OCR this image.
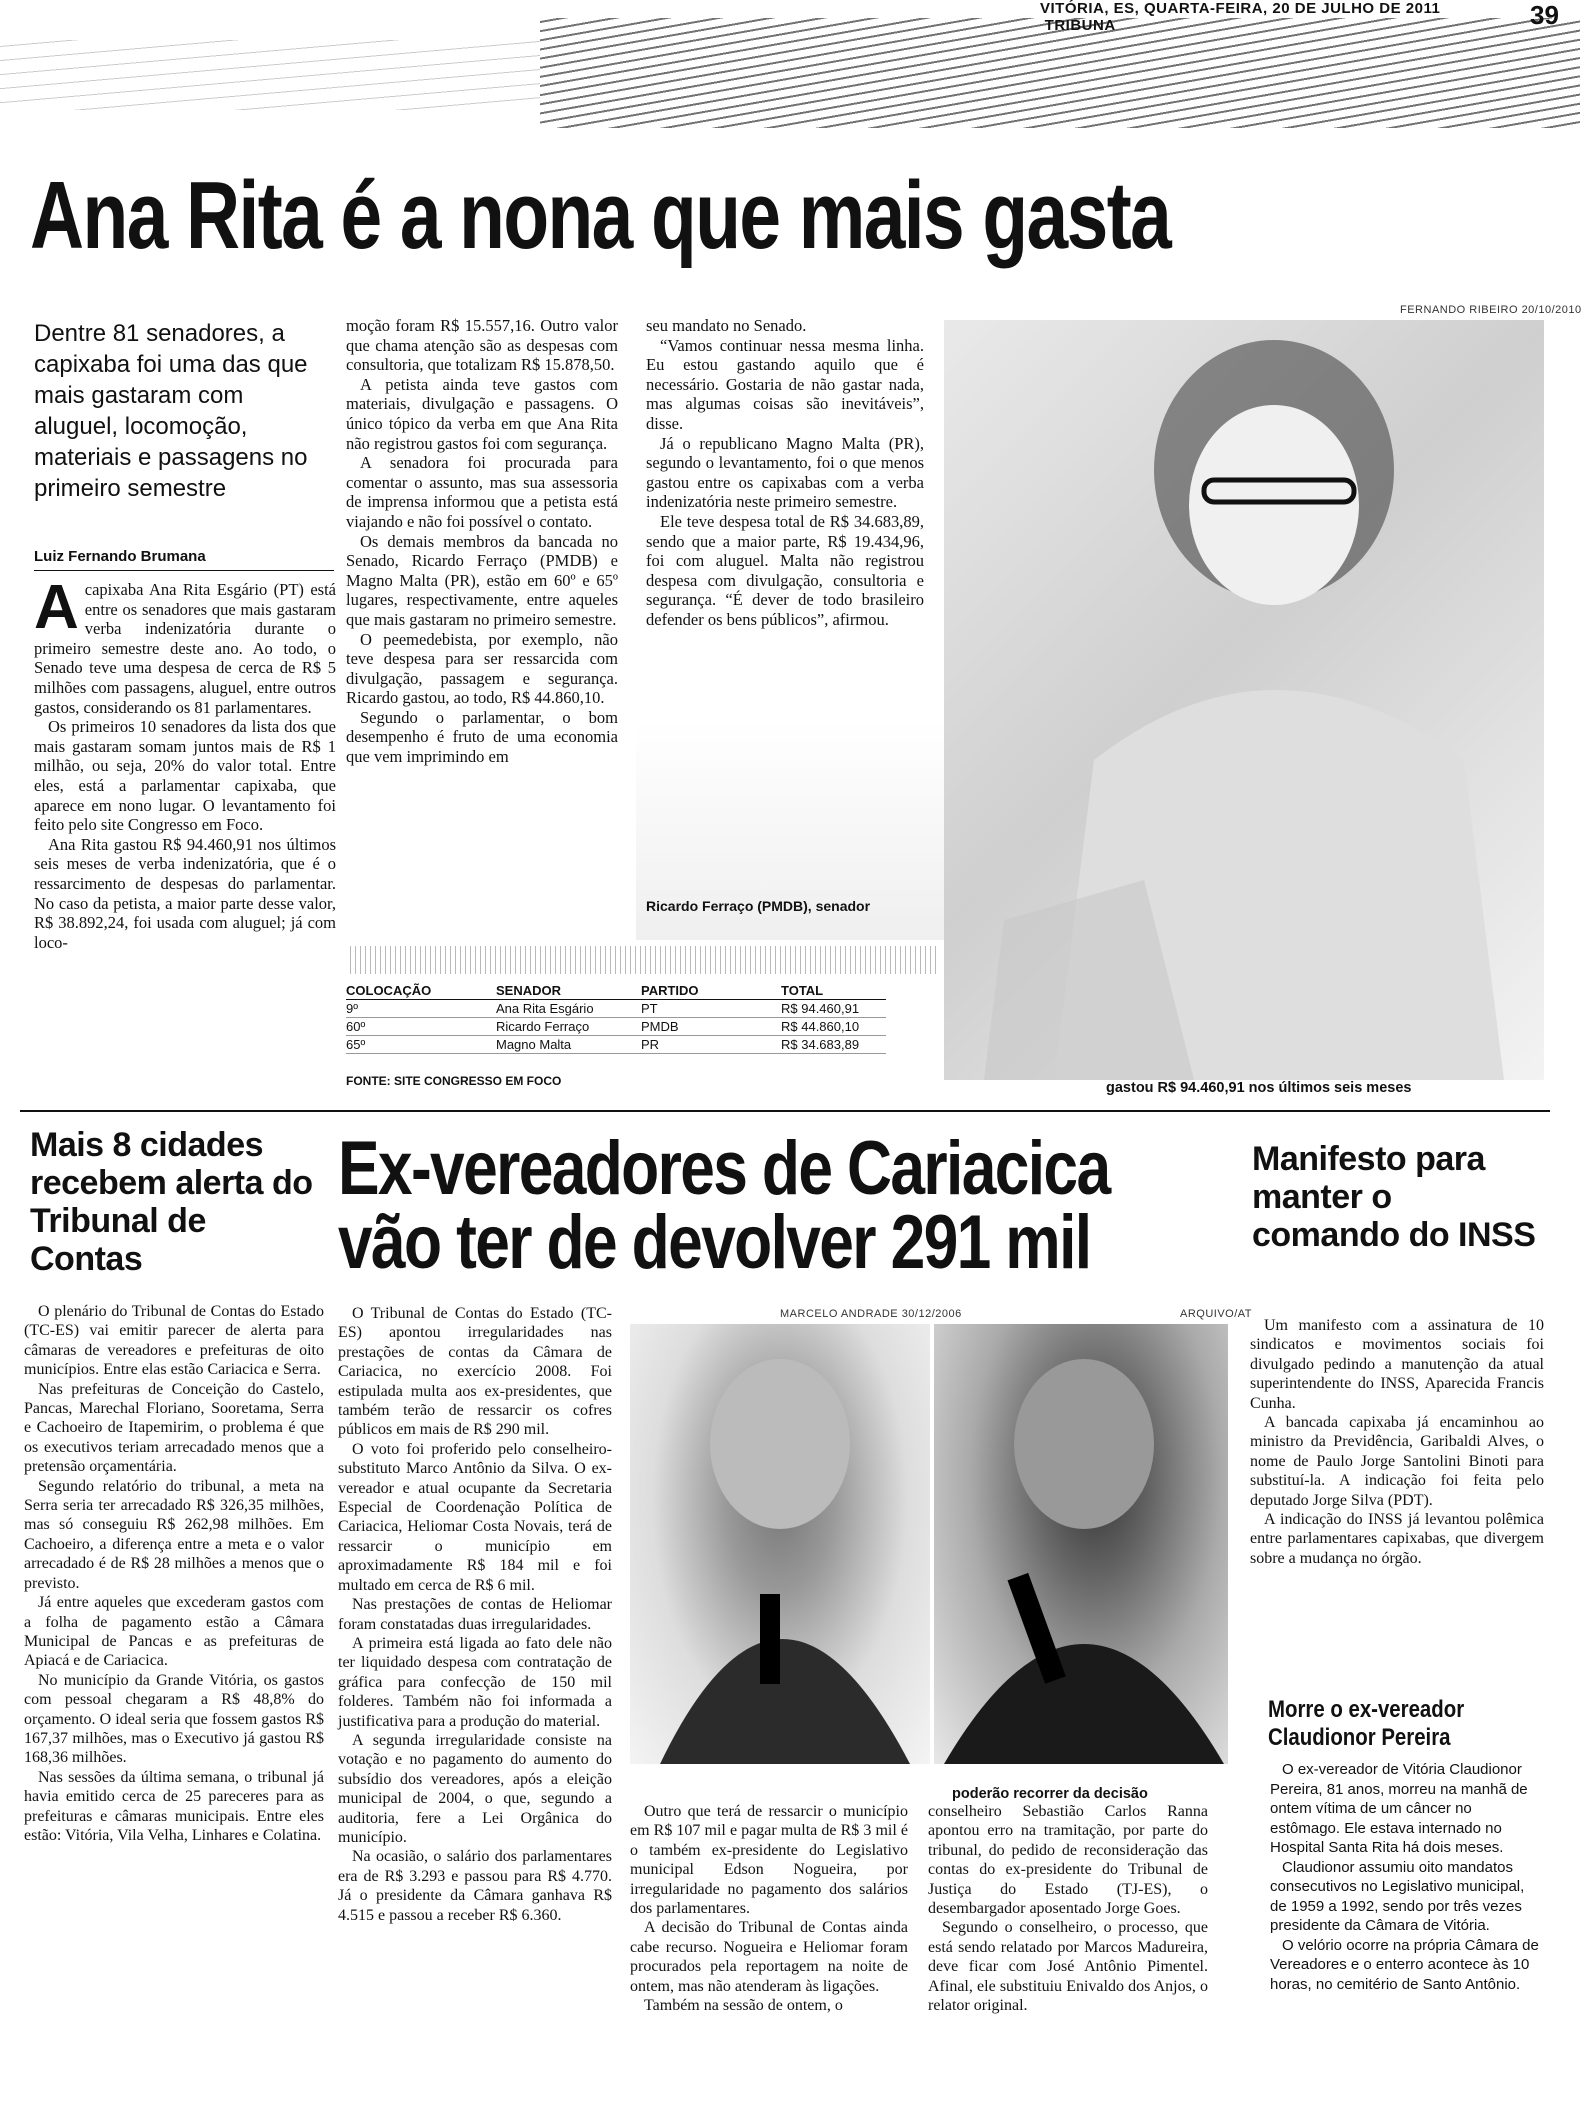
VITÓRIA, ES, QUARTA-FEIRA, 20 DE JULHO DE 2011  TRIBUNA	39
Ana Rita é a nona que mais gasta
FERNANDO RIBEIRO 20/10/2010
Dentre 81 senadores, a capixaba foi uma das que mais gastaram com aluguel, locomoção, materiais e passagens no primeiro semestre
Luiz Fernando Brumana
A capixaba Ana Rita Esgário (PT) está entre os senadores que mais gastaram verba indenizatória durante o primeiro semestre deste ano. Ao todo, o Senado teve uma despesa de cerca de R$ 5 milhões com passagens, aluguel, entre outros gastos, considerando os 81 parlamentares.

Os primeiros 10 senadores da lista dos que mais gastaram somam juntos mais de R$ 1 milhão, ou seja, 20% do valor total. Entre eles, está a parlamentar capixaba, que aparece em nono lugar. O levantamento foi feito pelo site Congresso em Foco.

Ana Rita gastou R$ 94.460,91 nos últimos seis meses de verba indenizatória, que é o ressarcimento de despesas do parlamentar. No caso da petista, a maior parte desse valor, R$ 38.892,24, foi usada com aluguel; já com loco-

moção foram R$ 15.557,16. Outro valor que chama atenção são as despesas com consultoria, que totalizam R$ 15.878,50.

A petista ainda teve gastos com materiais, divulgação e passagens. O único tópico da verba em que Ana Rita não registrou gastos foi com segurança.

A senadora foi procurada para comentar o assunto, mas sua assessoria de imprensa informou que a petista está viajando e não foi possível o contato.

Os demais membros da bancada no Senado, Ricardo Ferraço (PMDB) e Magno Malta (PR), estão em 60º e 65º lugares, respectivamente, entre aqueles que mais gastaram no primeiro semestre.

O peemedebista, por exemplo, não teve despesa para ser ressarcida com divulgação, passagem e segurança. Ricardo gastou, ao todo, R$ 44.860,10.

Segundo o parlamentar, o bom desempenho é fruto de uma economia que vem imprimindo em

seu mandato no Senado.

“Vamos continuar nessa mesma linha. Eu estou gastando aquilo que é necessário. Gostaria de não gastar nada, mas algumas coisas são inevitáveis”, disse.

Já o republicano Magno Malta (PR), segundo o levantamento, foi o que menos gastou entre os capixabas com a verba indenizatória neste primeiro semestre.

Ele teve despesa total de R$ 34.683,89, sendo que a maior parte, R$ 19.434,96, foi com aluguel. Malta não registrou despesa com divulgação, consultoria e segurança. “É dever de todo brasileiro defender os bens públicos”, afirmou.

Ricardo Ferraço (PMDB), senador
gastou R$ 94.460,91 nos últimos seis meses
COLOCAÇÃO	SENADOR	PARTIDO	TOTAL
9º	Ana Rita Esgário	PT	R$ 94.460,91
60º	Ricardo Ferraço	PMDB	R$ 44.860,10
65º	Magno Malta	PR	R$ 34.683,89
FONTE: SITE CONGRESSO EM FOCO
Mais 8 cidades recebem alerta do Tribunal de Contas

O plenário do Tribunal de Contas do Estado (TC-ES) vai emitir parecer de alerta para câmaras de vereadores e prefeituras de oito municípios. Entre elas estão Cariacica e Serra.

Nas prefeituras de Conceição do Castelo, Pancas, Marechal Floriano, Sooretama, Serra e Cachoeiro de Itapemirim, o problema é que os executivos teriam arrecadado menos que a pretensão orçamentária.

Segundo relatório do tribunal, a meta na Serra seria ter arrecadado R$ 326,35 milhões, mas só conseguiu R$ 262,98 milhões. Em Cachoeiro, a diferença entre a meta e o valor arrecadado é de R$ 28 milhões a menos que o previsto.

Já entre aqueles que excederam gastos com a folha de pagamento estão a Câmara Municipal de Pancas e as prefeituras de Apiacá e de Cariacica.

No município da Grande Vitória, os gastos com pessoal chegaram a R$ 48,8% do orçamento. O ideal seria que fossem gastos R$ 167,37 milhões, mas o Executivo já gastou R$ 168,36 milhões.

Nas sessões da última semana, o tribunal já havia emitido cerca de 25 pareceres para as prefeituras e câmaras municipais. Entre eles estão: Vitória, Vila Velha, Linhares e Colatina.

Ex-vereadores de Cariacica
vão ter de devolver 291 mil

O Tribunal de Contas do Estado (TC-ES) apontou irregularidades nas prestações de contas da Câmara de Cariacica, no exercício 2008. Foi estipulada multa aos ex-presidentes, que também terão de ressarcir os cofres públicos em mais de R$ 290 mil.

O voto foi proferido pelo conselheiro-substituto Marco Antônio da Silva. O ex-vereador e atual ocupante da Secretaria Especial de Coordenação Política de Cariacica, Heliomar Costa Novais, terá de ressarcir o município em aproximadamente R$ 184 mil e foi multado em cerca de R$ 6 mil.

Nas prestações de contas de Heliomar foram constatadas duas irregularidades.

A primeira está ligada ao fato dele não ter liquidado despesa com contratação de gráfica para confecção de 150 mil folderes. Também não foi informada a justificativa para a produção do material.

A segunda irregularidade consiste na votação e no pagamento do aumento do subsídio dos vereadores, após a eleição municipal de 2004, o que, segundo a auditoria, fere a Lei Orgânica do município.

Na ocasião, o salário dos parlamentares era de R$ 3.293 e passou para R$ 4.770. Já o presidente da Câmara ganhava R$ 4.515 e passou a receber R$ 6.360.

MARCELO ANDRADE 30/12/2006	ARQUIVO/AT
poderão recorrer da decisão

Outro que terá de ressarcir o município em R$ 107 mil e pagar multa de R$ 3 mil é o também ex-presidente do Legislativo municipal Edson Nogueira, por irregularidade no pagamento dos salários dos parlamentares.

A decisão do Tribunal de Contas ainda cabe recurso. Nogueira e Heliomar foram procurados pela reportagem na noite de ontem, mas não atenderam às ligações.

Também na sessão de ontem, o

conselheiro Sebastião Carlos Ranna apontou erro na tramitação, por parte do tribunal, do pedido de reconsideração das contas do ex-presidente do Tribunal de Justiça do Estado (TJ-ES), o desembargador aposentado Jorge Goes.

Segundo o conselheiro, o processo, que está sendo relatado por Marcos Madureira, deve ficar com José Antônio Pimentel. Afinal, ele substituiu Enivaldo dos Anjos, o relator original.

Manifesto para manter o comando do INSS

Um manifesto com a assinatura de 10 sindicatos e movimentos sociais foi divulgado pedindo a manutenção da atual superintendente do INSS, Aparecida Francis Cunha.

A bancada capixaba já encaminhou ao ministro da Previdência, Garibaldi Alves, o nome de Paulo Jorge Santolini Binoti para substituí-la. A indicação foi feita pelo deputado Jorge Silva (PDT).

A indicação do INSS já levantou polêmica entre parlamentares capixabas, que divergem sobre a mudança no órgão.

Morre o ex-vereador Claudionor Pereira

O ex-vereador de Vitória Claudionor Pereira, 81 anos, morreu na manhã de ontem vítima de um câncer no estômago. Ele estava internado no Hospital Santa Rita há dois meses.

Claudionor assumiu oito mandatos consecutivos no Legislativo municipal, de 1959 a 1992, sendo por três vezes presidente da Câmara de Vitória.

O velório ocorre na própria Câmara de Vereadores e o enterro acontece às 10 horas, no cemitério de Santo Antônio.
